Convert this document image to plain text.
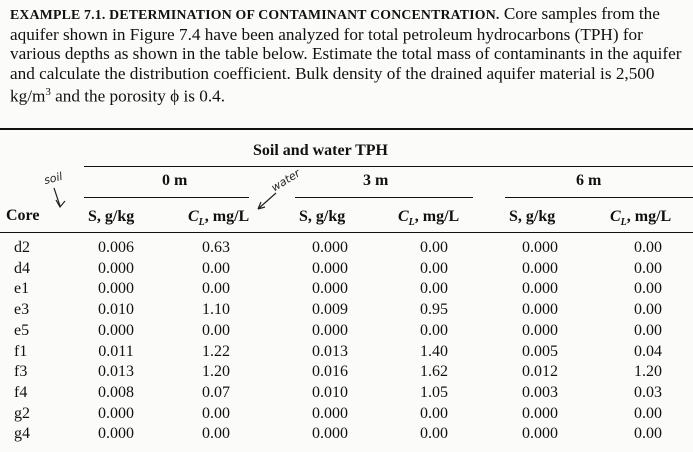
EXAMPLE 7.1. DETERMINATION OF CONTAMINANT CONCENTRATION. Core samples from the aquifer shown in Figure 7.4 have been analyzed for total petroleum hydrocarbons (TPH) for various depths as shown in the table below. Estimate the total mass of contaminants in the aquifer and calculate the distribution coefficient. Bulk density of the drained aquifer material is 2,500 $kg/m^3$ and the porosity ϕ is 0.4.

Soil and water TPH
0 m	3 m	6 m
Core	S, g/kg	$C_L$, mg/L	S, g/kg	$C_L$, mg/L	S, g/kg	$C_L$, mg/L
soil	water
d2	0.006	0.63	0.000	0.00	0.000	0.00
d4	0.000	0.00	0.000	0.00	0.000	0.00
e1	0.000	0.00	0.000	0.00	0.000	0.00
e3	0.010	1.10	0.009	0.95	0.000	0.00
e5	0.000	0.00	0.000	0.00	0.000	0.00
f1	0.011	1.22	0.013	1.40	0.005	0.04
f3	0.013	1.20	0.016	1.62	0.012	1.20
f4	0.008	0.07	0.010	1.05	0.003	0.03
g2	0.000	0.00	0.000	0.00	0.000	0.00
g4	0.000	0.00	0.000	0.00	0.000	0.00
